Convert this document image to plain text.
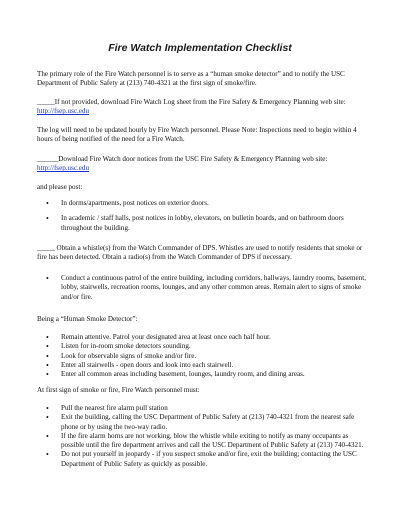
Fire Watch Implementation Checklist

The primary role of the Fire Watch personnel is to serve as a “human smoke detector” and to notify the USC Department of Public Safety at (213) 740-4321 at the first sign of smoke/fire.

_____If not provided, download Fire Watch Log sheet from the Fire Safety & Emergency Planning web site: http://fsep.usc.edu

The log will need to be updated hourly by Fire Watch personnel. Please Note: Inspections need to begin within 4 hours of being notified of the need for a Fire Watch.

______Download Fire Watch door notices from the USC Fire Safety & Emergency Planning web site: http://fsep.usc.edu

and please post:

• In dorms/apartments, post notices on exterior doors.
• In academic / staff halls, post notices in lobby, elevators, on bulletin boards, and on bathroom doors throughout the building.

_____ Obtain a whistle(s) from the Watch Commander of DPS. Whistles are used to notify residents that smoke or fire has been detected. Obtain a radio(s) from the Watch Commander of DPS if necessary.

• Conduct a continuous patrol of the entire building, including corridors, hallways, laundry rooms, basement, lobby, stairwells, recreation rooms, lounges, and any other common areas. Remain alert to signs of smoke and/or fire.

Being a “Human Smoke Detector”:

• Remain attentive. Patrol your designated area at least once each half hour.
• Listen for in-room smoke detectors sounding.
• Look for observable signs of smoke and/or fire.
• Enter all stairwells - open doors and look into each stairwell.
• Enter all common areas including basement, lounges, laundry room, and dining areas.

At first sign of smoke or fire, Fire Watch personnel must:

• Pull the nearest fire alarm pull station
• Exit the building, calling the USC Department of Public Safety at (213) 740-4321 from the nearest safe phone or by using the two-way radio.
• If the fire alarm horns are not working, blow the whistle while exiting to notify as many occupants as possible until the fire department arrives and call the USC Department of Public Safety at (213) 740-4321.
• Do not put yourself in jeopardy - if you suspect smoke and/or fire, exit the building; contacting the USC Department of Public Safety as quickly as possible.
